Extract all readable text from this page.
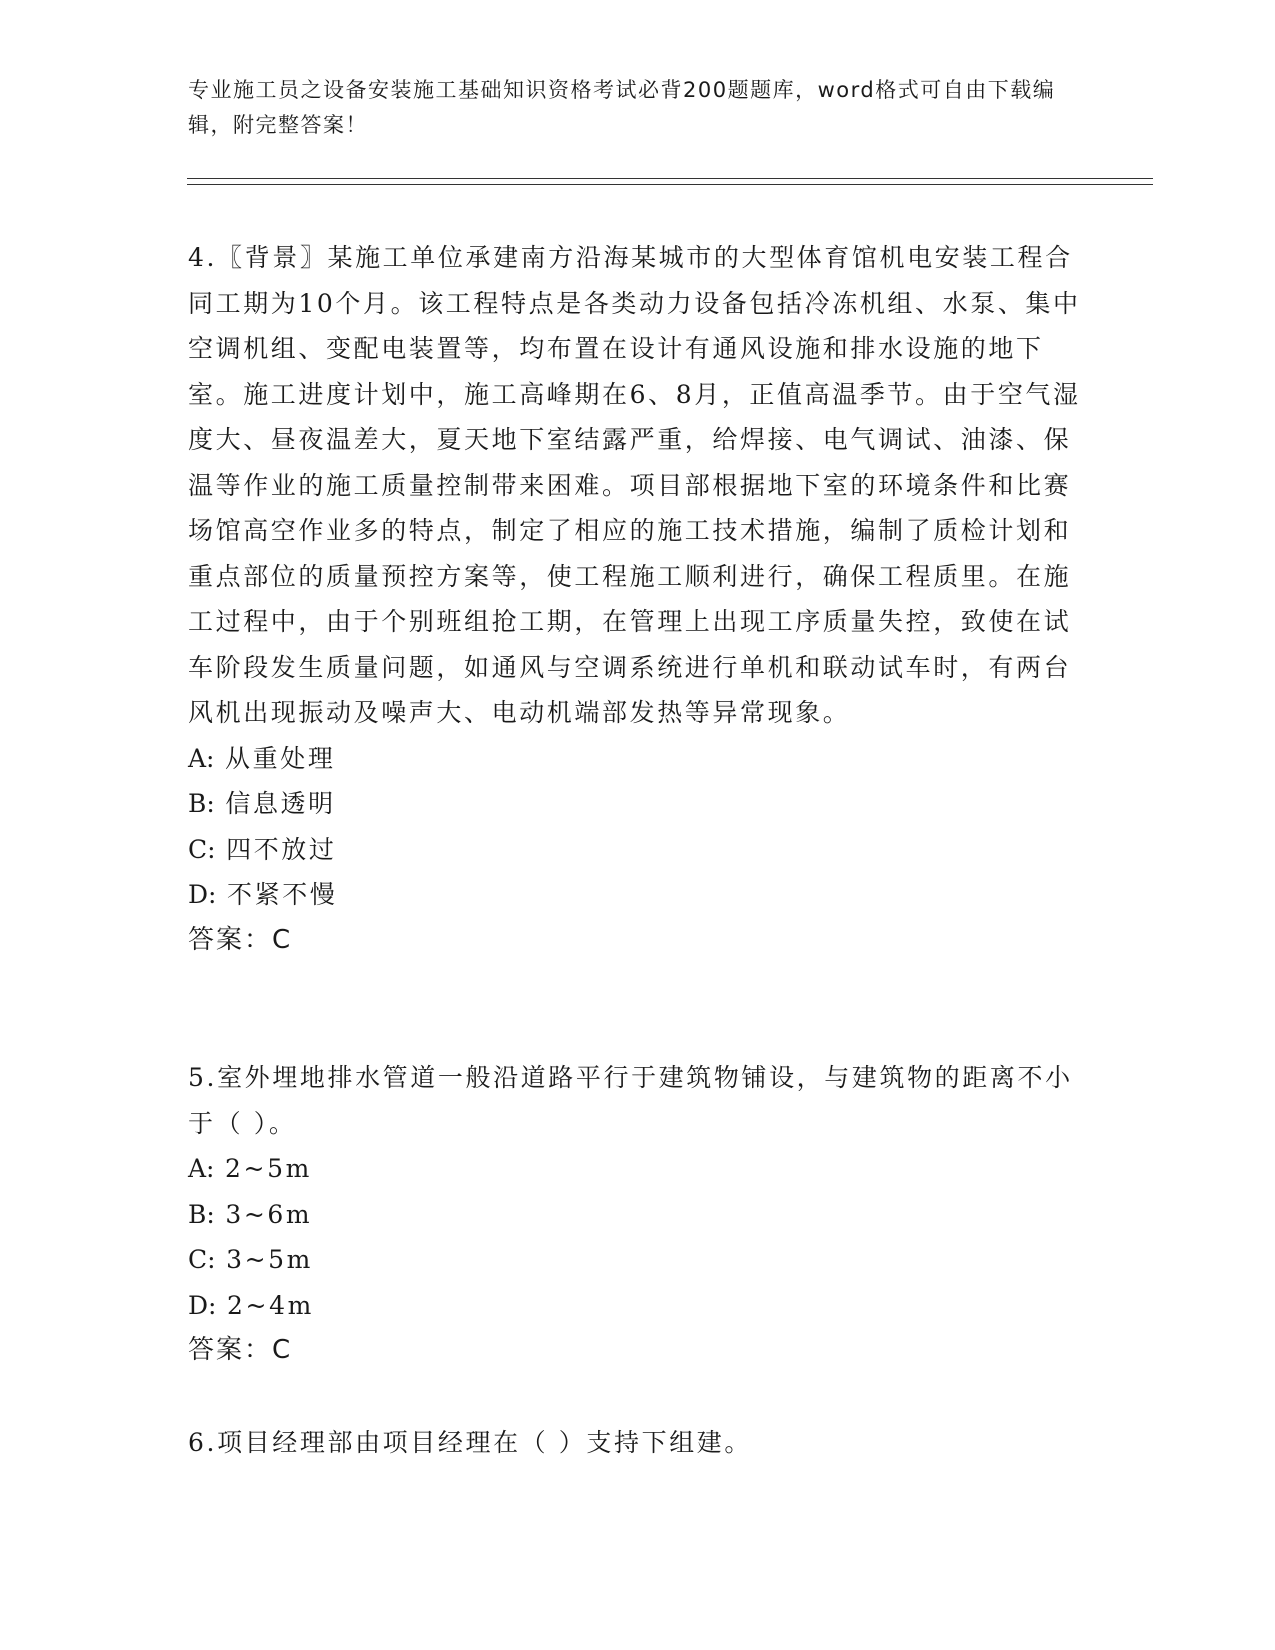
专业施工员之设备安装施工基础知识资格考试必背200题题库，word格式可自由下载编辑，附完整答案！

4.〖背景〗某施工单位承建南方沿海某城市的大型体育馆机电安装工程合同工期为10个月。该工程特点是各类动力设备包括冷冻机组、水泵、集中空调机组、变配电装置等，均布置在设计有通风设施和排水设施的地下室。施工进度计划中，施工高峰期在6、8月，正值高温季节。由于空气湿度大、昼夜温差大，夏天地下室结露严重，给焊接、电气调试、油漆、保温等作业的施工质量控制带来困难。项目部根据地下室的环境条件和比赛场馆高空作业多的特点，制定了相应的施工技术措施，编制了质检计划和重点部位的质量预控方案等，使工程施工顺利进行，确保工程质里。在施工过程中，由于个别班组抢工期，在管理上出现工序质量失控，致使在试车阶段发生质量问题，如通风与空调系统进行单机和联动试车时，有两台风机出现振动及噪声大、电动机端部发热等异常现象。

A: 从重处理

B: 信息透明

C: 四不放过

D: 不紧不慢

答案：C

5.室外埋地排水管道一般沿道路平行于建筑物铺设，与建筑物的距离不小于（ ）。

A: 2~5m

B: 3~6m

C: 3~5m

D: 2~4m

答案：C

6.项目经理部由项目经理在（ ）支持下组建。
